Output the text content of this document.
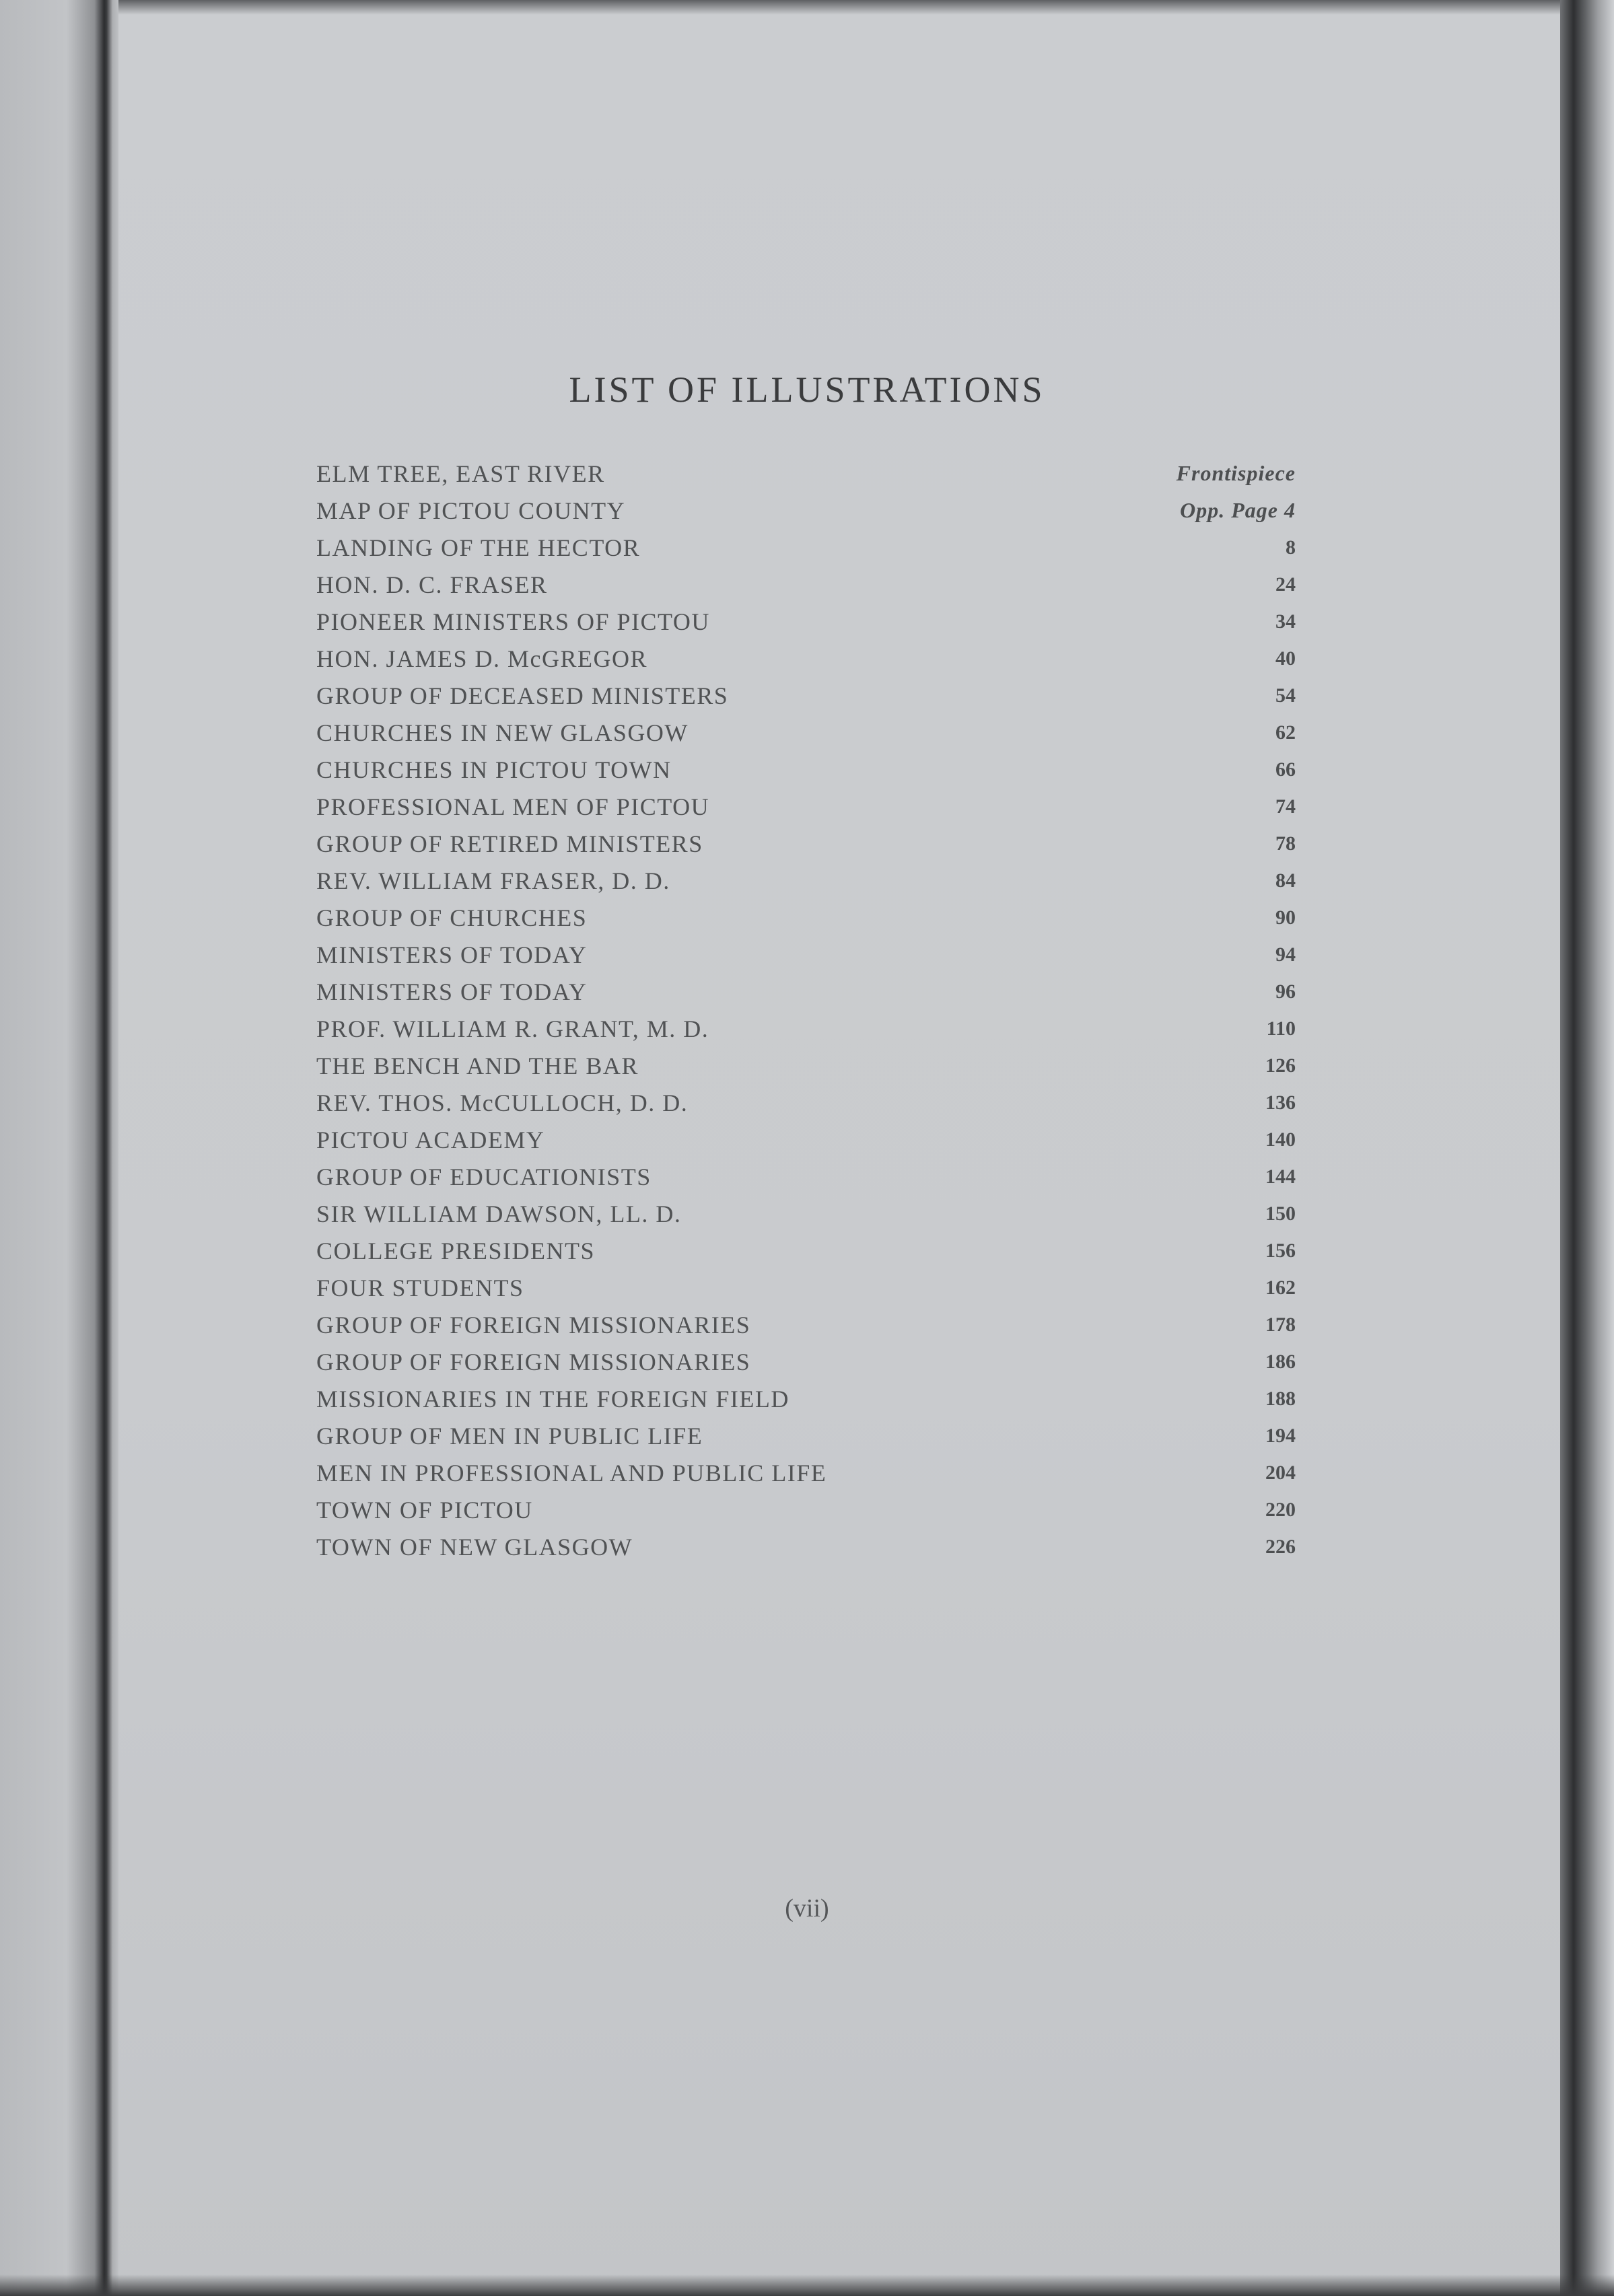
LIST OF ILLUSTRATIONS
ELM TREE, EAST RIVER	Frontispiece
MAP OF PICTOU COUNTY	Opp. Page 4
LANDING OF THE HECTOR	8
HON. D. C. FRASER	24
PIONEER MINISTERS OF PICTOU	34
HON. JAMES D. McGREGOR	40
GROUP OF DECEASED MINISTERS	54
CHURCHES IN NEW GLASGOW	62
CHURCHES IN PICTOU TOWN	66
PROFESSIONAL MEN OF PICTOU	74
GROUP OF RETIRED MINISTERS	78
REV. WILLIAM FRASER, D. D.	84
GROUP OF CHURCHES	90
MINISTERS OF TODAY	94
MINISTERS OF TODAY	96
PROF. WILLIAM R. GRANT, M. D.	110
THE BENCH AND THE BAR	126
REV. THOS. McCULLOCH, D. D.	136
PICTOU ACADEMY	140
GROUP OF EDUCATIONISTS	144
SIR WILLIAM DAWSON, LL. D.	150
COLLEGE PRESIDENTS	156
FOUR STUDENTS	162
GROUP OF FOREIGN MISSIONARIES	178
GROUP OF FOREIGN MISSIONARIES	186
MISSIONARIES IN THE FOREIGN FIELD	188
GROUP OF MEN IN PUBLIC LIFE	194
MEN IN PROFESSIONAL AND PUBLIC LIFE	204
TOWN OF PICTOU	220
TOWN OF NEW GLASGOW	226
(vii)
